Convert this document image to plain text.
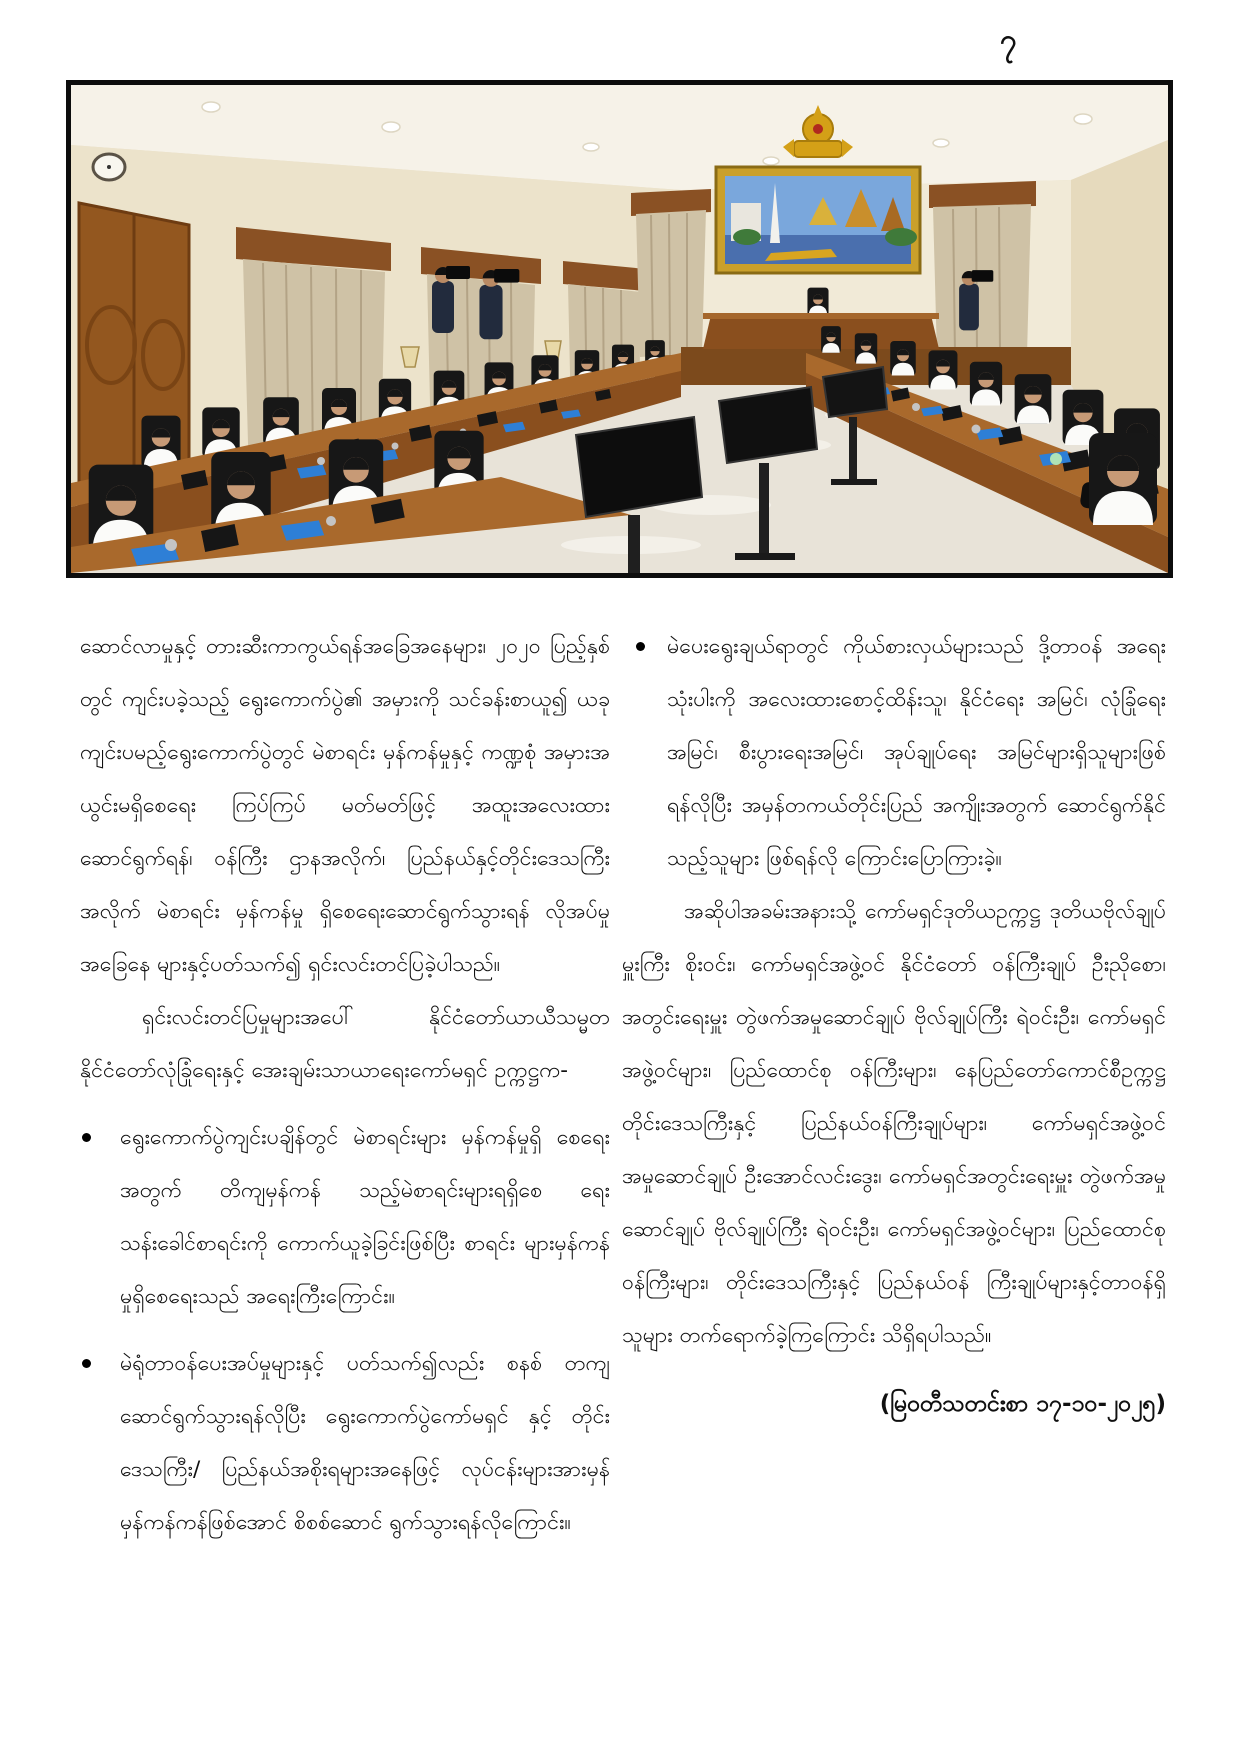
၇

ဆောင်လာမှုနှင့် တားဆီးကာကွယ်ရန်အခြေအနေများ၊ ၂၀၂၀ ပြည့်နှစ်တွင် ကျင်းပခဲ့သည့် ရွေးကောက်ပွဲ၏ အမှားကို သင်ခန်းစာယူ၍ ယခုကျင်းပမည့်ရွေးကောက်ပွဲတွင် မဲစာရင်း မှန်ကန်မှုနှင့် ကဏ္ဍစုံ အမှားအယွင်းမရှိစေရေး ကြပ်ကြပ် မတ်မတ်ဖြင့် အထူးအလေးထား ဆောင်ရွက်ရန်၊ ဝန်ကြီး ဌာနအလိုက်၊ ပြည်နယ်နှင့်တိုင်းဒေသကြီးအလိုက် မဲစာရင်း မှန်ကန်မှု ရှိစေရေးဆောင်ရွက်သွားရန် လိုအပ်မှုအခြေနေ များနှင့်ပတ်သက်၍ ရှင်းလင်းတင်ပြခဲ့ပါသည်။

ရှင်းလင်းတင်ပြမှုများအပေါ် နိုင်ငံတော်ယာယီသမ္မတ နိုင်ငံတော်လုံခြုံရေးနှင့် အေးချမ်းသာယာရေးကော်မရှင် ဥက္ကဋ္ဌက-

ရွေးကောက်ပွဲကျင်းပချိန်တွင် မဲစာရင်းများ မှန်ကန်မှုရှိ စေရေးအတွက် တိကျမှန်ကန် သည့်မဲစာရင်းများရရှိစေ ရေး သန်းခေါင်စာရင်းကို ကောက်ယူခဲ့ခြင်းဖြစ်ပြီး စာရင်း များမှန်ကန်မှုရှိစေရေးသည် အရေးကြီးကြောင်း။
မဲရုံတာဝန်ပေးအပ်မှုများနှင့် ပတ်သက်၍လည်း စနစ် တကျဆောင်ရွက်သွားရန်လိုပြီး ရွေးကောက်ပွဲကော်မရှင် နှင့် တိုင်းဒေသကြီး/ ပြည်နယ်အစိုးရများအနေဖြင့် လုပ်ငန်းများအားမှန်မှန်ကန်ကန်ဖြစ်အောင် စိစစ်ဆောင် ရွက်သွားရန်လိုကြောင်း။
မဲပေးရွေးချယ်ရာတွင် ကိုယ်စားလှယ်များသည် ဒို့တာဝန် အရေးသုံးပါးကို အလေးထားစောင့်ထိန်းသူ၊ နိုင်ငံရေး အမြင်၊ လုံခြုံရေးအမြင်၊ စီးပွားရေးအမြင်၊ အုပ်ချုပ်ရေး အမြင်များရှိသူများဖြစ်ရန်လိုပြီး အမှန်တကယ်တိုင်းပြည် အကျိုးအတွက် ဆောင်ရွက်နိုင်သည့်သူများ ဖြစ်ရန်လို ကြောင်းပြောကြားခဲ့။

အဆိုပါအခမ်းအနားသို့ ကော်မရှင်ဒုတိယဥက္ကဋ္ဌ ဒုတိယဗိုလ်ချုပ်မှူးကြီး စိုးဝင်း၊ ကော်မရှင်အဖွဲ့ဝင် နိုင်ငံတော် ဝန်ကြီးချုပ် ဦးညိုစော၊ အတွင်းရေးမှူး တွဲဖက်အမှုဆောင်ချုပ် ဗိုလ်ချုပ်ကြီး ရဲဝင်းဦး၊ ကော်မရှင်အဖွဲ့ဝင်များ၊ ပြည်ထောင်စု ဝန်ကြီးများ၊ နေပြည်တော်ကောင်စီဥက္ကဋ္ဌ တိုင်းဒေသကြီးနှင့် ပြည်နယ်ဝန်ကြီးချုပ်များ၊ ကော်မရှင်အဖွဲ့ဝင် အမှုဆောင်ချုပ် ဦးအောင်လင်းဒွေး၊ ကော်မရှင်အတွင်းရေးမှူး တွဲဖက်အမှု ဆောင်ချုပ် ဗိုလ်ချုပ်ကြီး ရဲဝင်းဦး၊ ကော်မရှင်အဖွဲ့ဝင်များ၊ ပြည်ထောင်စု ဝန်ကြီးများ၊ တိုင်းဒေသကြီးနှင့် ပြည်နယ်ဝန် ကြီးချုပ်များနှင့်တာဝန်ရှိသူများ တက်ရောက်ခဲ့ကြကြောင်း သိရှိရပါသည်။

(မြဝတီသတင်းစာ ၁၇-၁၀-၂၀၂၅)
